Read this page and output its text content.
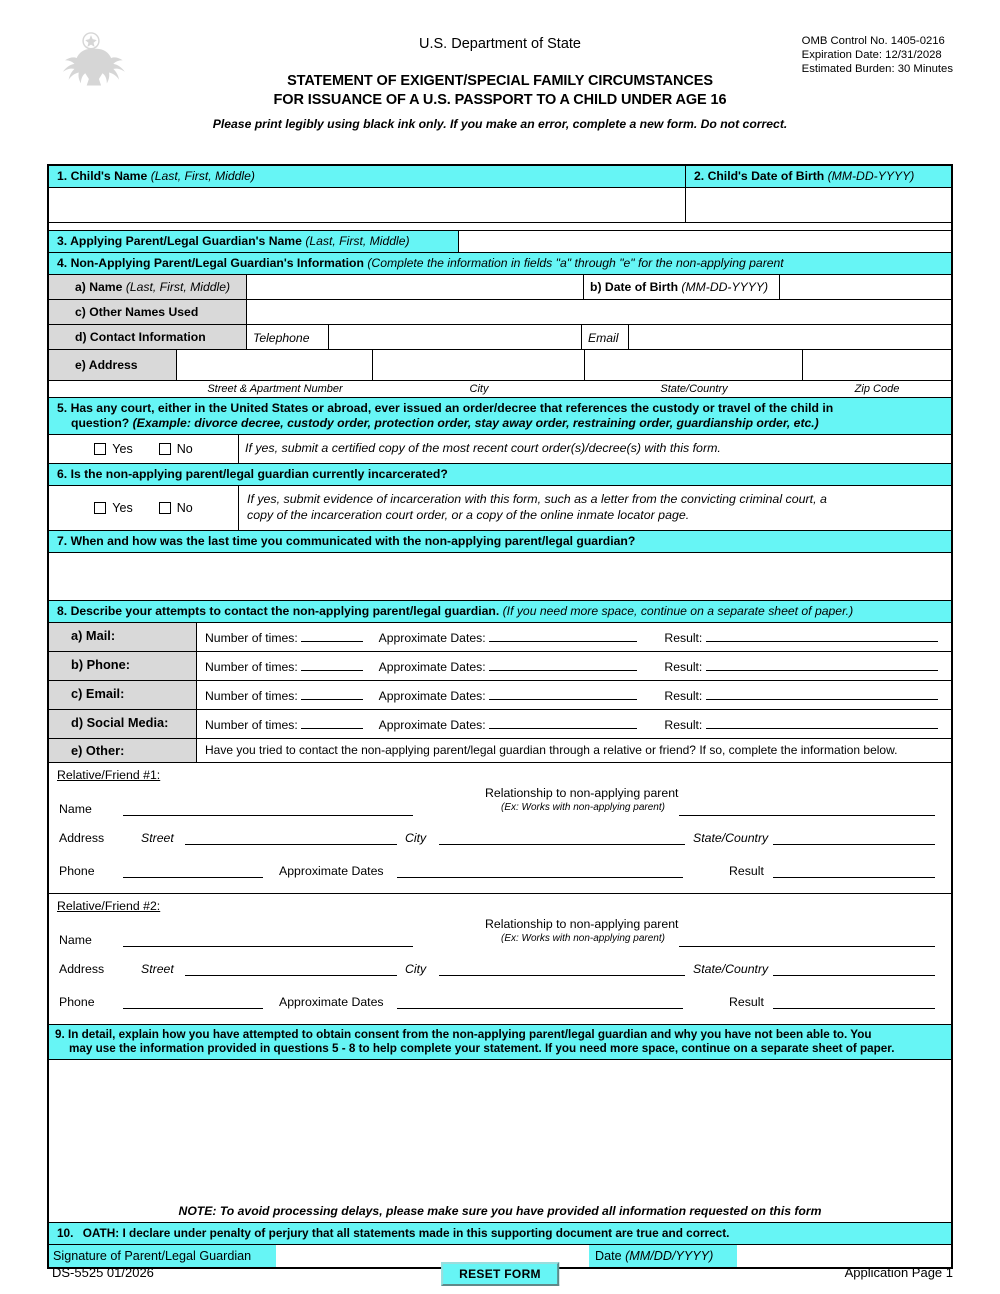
U.S. Department of State	OMB Control No. 1405-0216
Expiration Date: 12/31/2028
Estimated Burden: 30 Minutes
STATEMENT OF EXIGENT/SPECIAL FAMILY CIRCUMSTANCES
FOR ISSUANCE OF A U.S. PASSPORT TO A CHILD UNDER AGE 16
Please print legibly using black ink only. If you make an error, complete a new form. Do not correct.
1. Child's Name (Last, First, Middle)	2. Child's Date of Birth (MM-DD-YYYY)
3. Applying Parent/Legal Guardian's Name (Last, First, Middle)
4. Non-Applying Parent/Legal Guardian's Information (Complete the information in fields "a" through "e" for the non-applying parent
a) Name (Last, First, Middle)	b) Date of Birth (MM-DD-YYYY)
c) Other Names Used
d) Contact Information	Telephone	Email
e) Address
Street & Apartment Number	City	State/Country	Zip Code
5. Has any court, either in the United States or abroad, ever issued an order/decree that references the custody or travel of the child in
question? (Example: divorce decree, custody order, protection order, stay away order, restraining order, guardianship order, etc.)
Yes	No	If yes, submit a certified copy of the most recent court order(s)/decree(s) with this form.
6. Is the non-applying parent/legal guardian currently incarcerated?
Yes	No
If yes, submit evidence of incarceration with this form, such as a letter from the convicting criminal court, a
copy of the incarceration court order, or a copy of the online inmate locator page.
7. When and how was the last time you communicated with the non-applying parent/legal guardian?
8. Describe your attempts to contact the non-applying parent/legal guardian. (If you need more space, continue on a separate sheet of paper.)
a) Mail:	Number of times:	Approximate Dates:	Result:
b) Phone:	Number of times:	Approximate Dates:	Result:
c) Email:	Number of times:	Approximate Dates:	Result:
d) Social Media:	Number of times:	Approximate Dates:	Result:
e) Other:	Have you tried to contact the non-applying parent/legal guardian through a relative or friend? If so, complete the information below.
Relative/Friend #1:
Name
Relationship to non-applying parent
(Ex: Works with non-applying parent)
Address	Street	City	State/Country
Phone	Approximate Dates	Result
Relative/Friend #2:
Name
Relationship to non-applying parent
(Ex: Works with non-applying parent)
Address	Street	City	State/Country
Phone	Approximate Dates	Result
9. In detail, explain how you have attempted to obtain consent from the non-applying parent/legal guardian and why you have not been able to. You
may use the information provided in questions 5 - 8 to help complete your statement. If you need more space, continue on a separate sheet of paper.
NOTE: To avoid processing delays, please make sure you have provided all information requested on this form
10. OATH: I declare under penalty of perjury that all statements made in this supporting document are true and correct.
Signature of Parent/Legal Guardian	Date (MM/DD/YYYY)
DS-5525 01/2026	RESET FORM	Application Page 1
